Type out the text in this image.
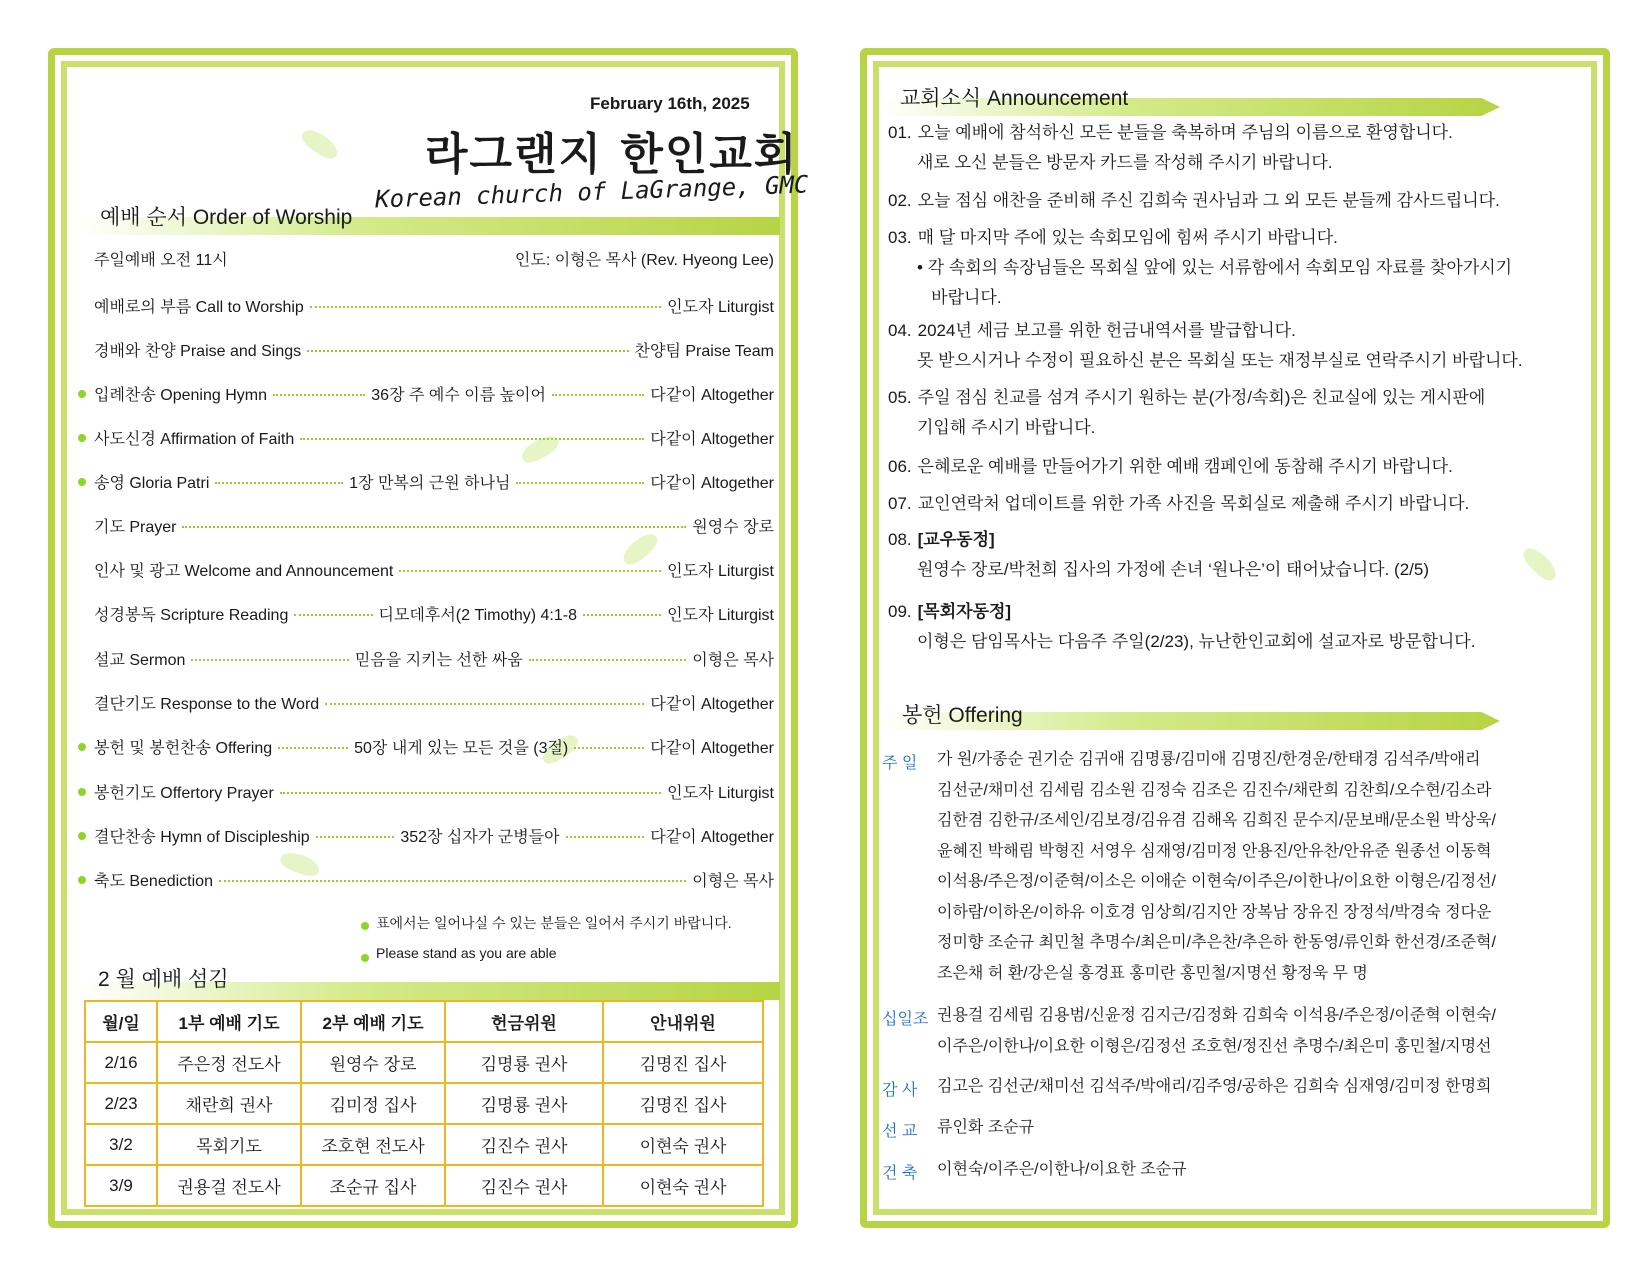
February 16th, 2025
라그랜지 한인교회
Korean church of LaGrange, GMC
예배 순서 Order of Worship
주일예배 오전 11시	인도: 이형은 목사 (Rev. Hyeong Lee)
예배로의 부름 Call to Worship	인도자 Liturgist
경배와 찬양 Praise and Sings	찬양팀 Praise Team
입례찬송 Opening Hymn	36장 주 예수 이름 높이어	다같이 Altogether
사도신경 Affirmation of Faith	다같이 Altogether
송영 Gloria Patri	1장 만복의 근원 하나님	다같이 Altogether
기도 Prayer	원영수 장로
인사 및 광고 Welcome and Announcement	인도자 Liturgist
성경봉독 Scripture Reading	디모데후서(2 Timothy) 4:1-8	인도자 Liturgist
설교 Sermon	믿음을 지키는 선한 싸움	이형은 목사
결단기도 Response to the Word	다같이 Altogether
봉헌 및 봉헌찬송 Offering	50장 내게 있는 모든 것을 (3절)	다같이 Altogether
봉헌기도 Offertory Prayer	인도자 Liturgist
결단찬송 Hymn of Discipleship	352장 십자가 군병들아	다같이 Altogether
축도 Benediction	이형은 목사
표에서는 일어나실 수 있는 분들은 일어서 주시기 바랍니다.
Please stand as you are able
2 월 예배 섬김
월/일	1부 예배 기도	2부 예배 기도	헌금위원	안내위원
2/16	주은정 전도사	원영수 장로	김명룡 권사	김명진 집사
2/23	채란희 권사	김미정 집사	김명룡 권사	김명진 집사
3/2	목회기도	조호현 전도사	김진수 권사	이현숙 권사
3/9	권용걸 전도사	조순규 집사	김진수 권사	이현숙 권사
교회소식 Announcement
01. 오늘 예배에 참석하신 모든 분들을 축복하며 주님의 이름으로 환영합니다.
새로 오신 분들은 방문자 카드를 작성해 주시기 바랍니다.
02. 오늘 점심 애찬을 준비해 주신 김희숙 권사님과 그 외 모든 분들께 감사드립니다.
03. 매 달 마지막 주에 있는 속회모임에 힘써 주시기 바랍니다.
• 각 속회의 속장님들은 목회실 앞에 있는 서류함에서 속회모임 자료를 찾아가시기
바랍니다.
04. 2024년 세금 보고를 위한 헌금내역서를 발급합니다.
못 받으시거나 수정이 필요하신 분은 목회실 또는 재정부실로 연락주시기 바랍니다.
05. 주일 점심 친교를 섬겨 주시기 원하는 분(가정/속회)은 친교실에 있는 게시판에
기입해 주시기 바랍니다.
06. 은혜로운 예배를 만들어가기 위한 예배 캠페인에 동참해 주시기 바랍니다.
07. 교인연락처 업데이트를 위한 가족 사진을 목회실로 제출해 주시기 바랍니다.
08. [교우동정]
원영수 장로/박천희 집사의 가정에 손녀 ‘원나은’이 태어났습니다. (2/5)
09. [목회자동정]
이형은 담임목사는 다음주 주일(2/23), 뉴난한인교회에 설교자로 방문합니다.
봉헌 Offering
주 일 가 원/가종순 권기순 김귀애 김명룡/김미애 김명진/한경운/한태경 김석주/박애리
김선군/채미선 김세림 김소원 김정숙 김조은 김진수/채란희 김찬희/오수현/김소라
김한겸 김한규/조세인/김보경/김유겸 김해옥 김희진 문수지/문보배/문소원 박상욱/
윤혜진 박해림 박형진 서영우 심재영/김미정 안용진/안유찬/안유준 원종선 이동혁
이석용/주은정/이준혁/이소은 이애순 이현숙/이주은/이한나/이요한 이형은/김정선/
이하람/이하온/이하유 이호경 임상희/김지안 장복남 장유진 장정석/박경숙 정다운
정미향 조순규 최민철 추명수/최은미/추은찬/추은하 한동영/류인화 한선경/조준혁/
조은채 허 환/강은실 홍경표 홍미란 홍민철/지명선 황정욱 무 명
십일조 권용걸 김세림 김용범/신윤정 김지근/김정화 김희숙 이석용/주은정/이준혁 이현숙/
이주은/이한나/이요한 이형은/김정선 조호현/정진선 추명수/최은미 홍민철/지명선
감 사 김고은 김선군/채미선 김석주/박애리/김주영/공하은 김희숙 심재영/김미정 한명희
선 교 류인화 조순규
건 축 이현숙/이주은/이한나/이요한 조순규
